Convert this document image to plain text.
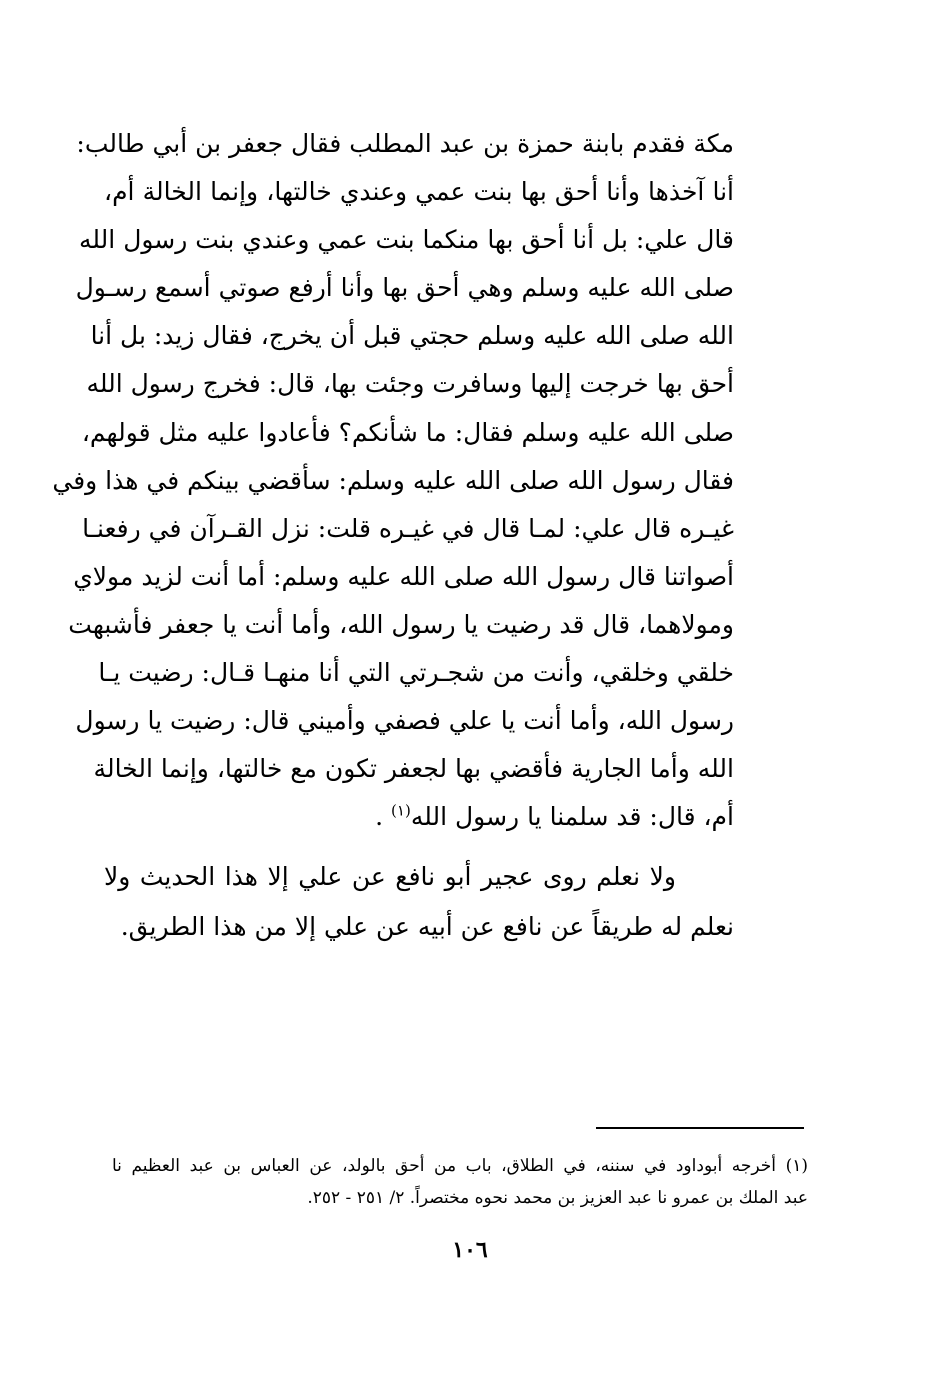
مكة فقدم بابنة حمزة بن عبد المطلب فقال جعفر بن أبي طالب:
أنا آخذها وأنا أحق بها بنت عمي وعندي خالتها، وإنما الخالة أم،
قال علي: بل أنا أحق بها منكما بنت عمي وعندي بنت رسول الله
صلى الله عليه وسلم وهي أحق بها وأنا أرفع صوتي أسمع رسـول
الله صلى الله عليه وسلم حجتي قبل أن يخرج، فقال زيد: بل أنا
أحق بها خرجت إليها وسافرت وجئت بها، قال: فخرج رسول الله
صلى الله عليه وسلم فقال: ما شأنكم؟ فأعادوا عليه مثل قولهم،
فقال رسول الله صلى الله عليه وسلم: سأقضي بينكم في هذا وفي
غيـره قال علي: لمـا قال في غيـره قلت: نزل القـرآن في رفعنـا
أصواتنا قال رسول الله صلى الله عليه وسلم: أما أنت لزيد مولاي
ومولاهما، قال قد رضيت يا رسول الله، وأما أنت يا جعفر فأشبهت
خلقي وخلقي، وأنت من شجـرتي التي أنا منهـا قـال: رضيت يـا
رسول الله، وأما أنت يا علي فصفي وأميني قال: رضيت يا رسول
الله وأما الجارية فأقضي بها لجعفر تكون مع خالتها، وإنما الخالة
أم، قال: قد سلمنا يا رسول الله$^{(١)}$ .
ولا نعلم روى عجير أبو نافع عن علي إلا هذا الحديث ولا
نعلم له طريقاً عن نافع عن أبيه عن علي إلا من هذا الطريق.
(١) أخرجه أبوداود في سننه، في الطلاق، باب من أحق بالولد، عن العباس بن عبد العظيم نا
عبد الملك بن عمرو نا عبد العزيز بن محمد نحوه مختصراً. ٢/ ٢٥١ - ٢٥٢.
١٠٦
